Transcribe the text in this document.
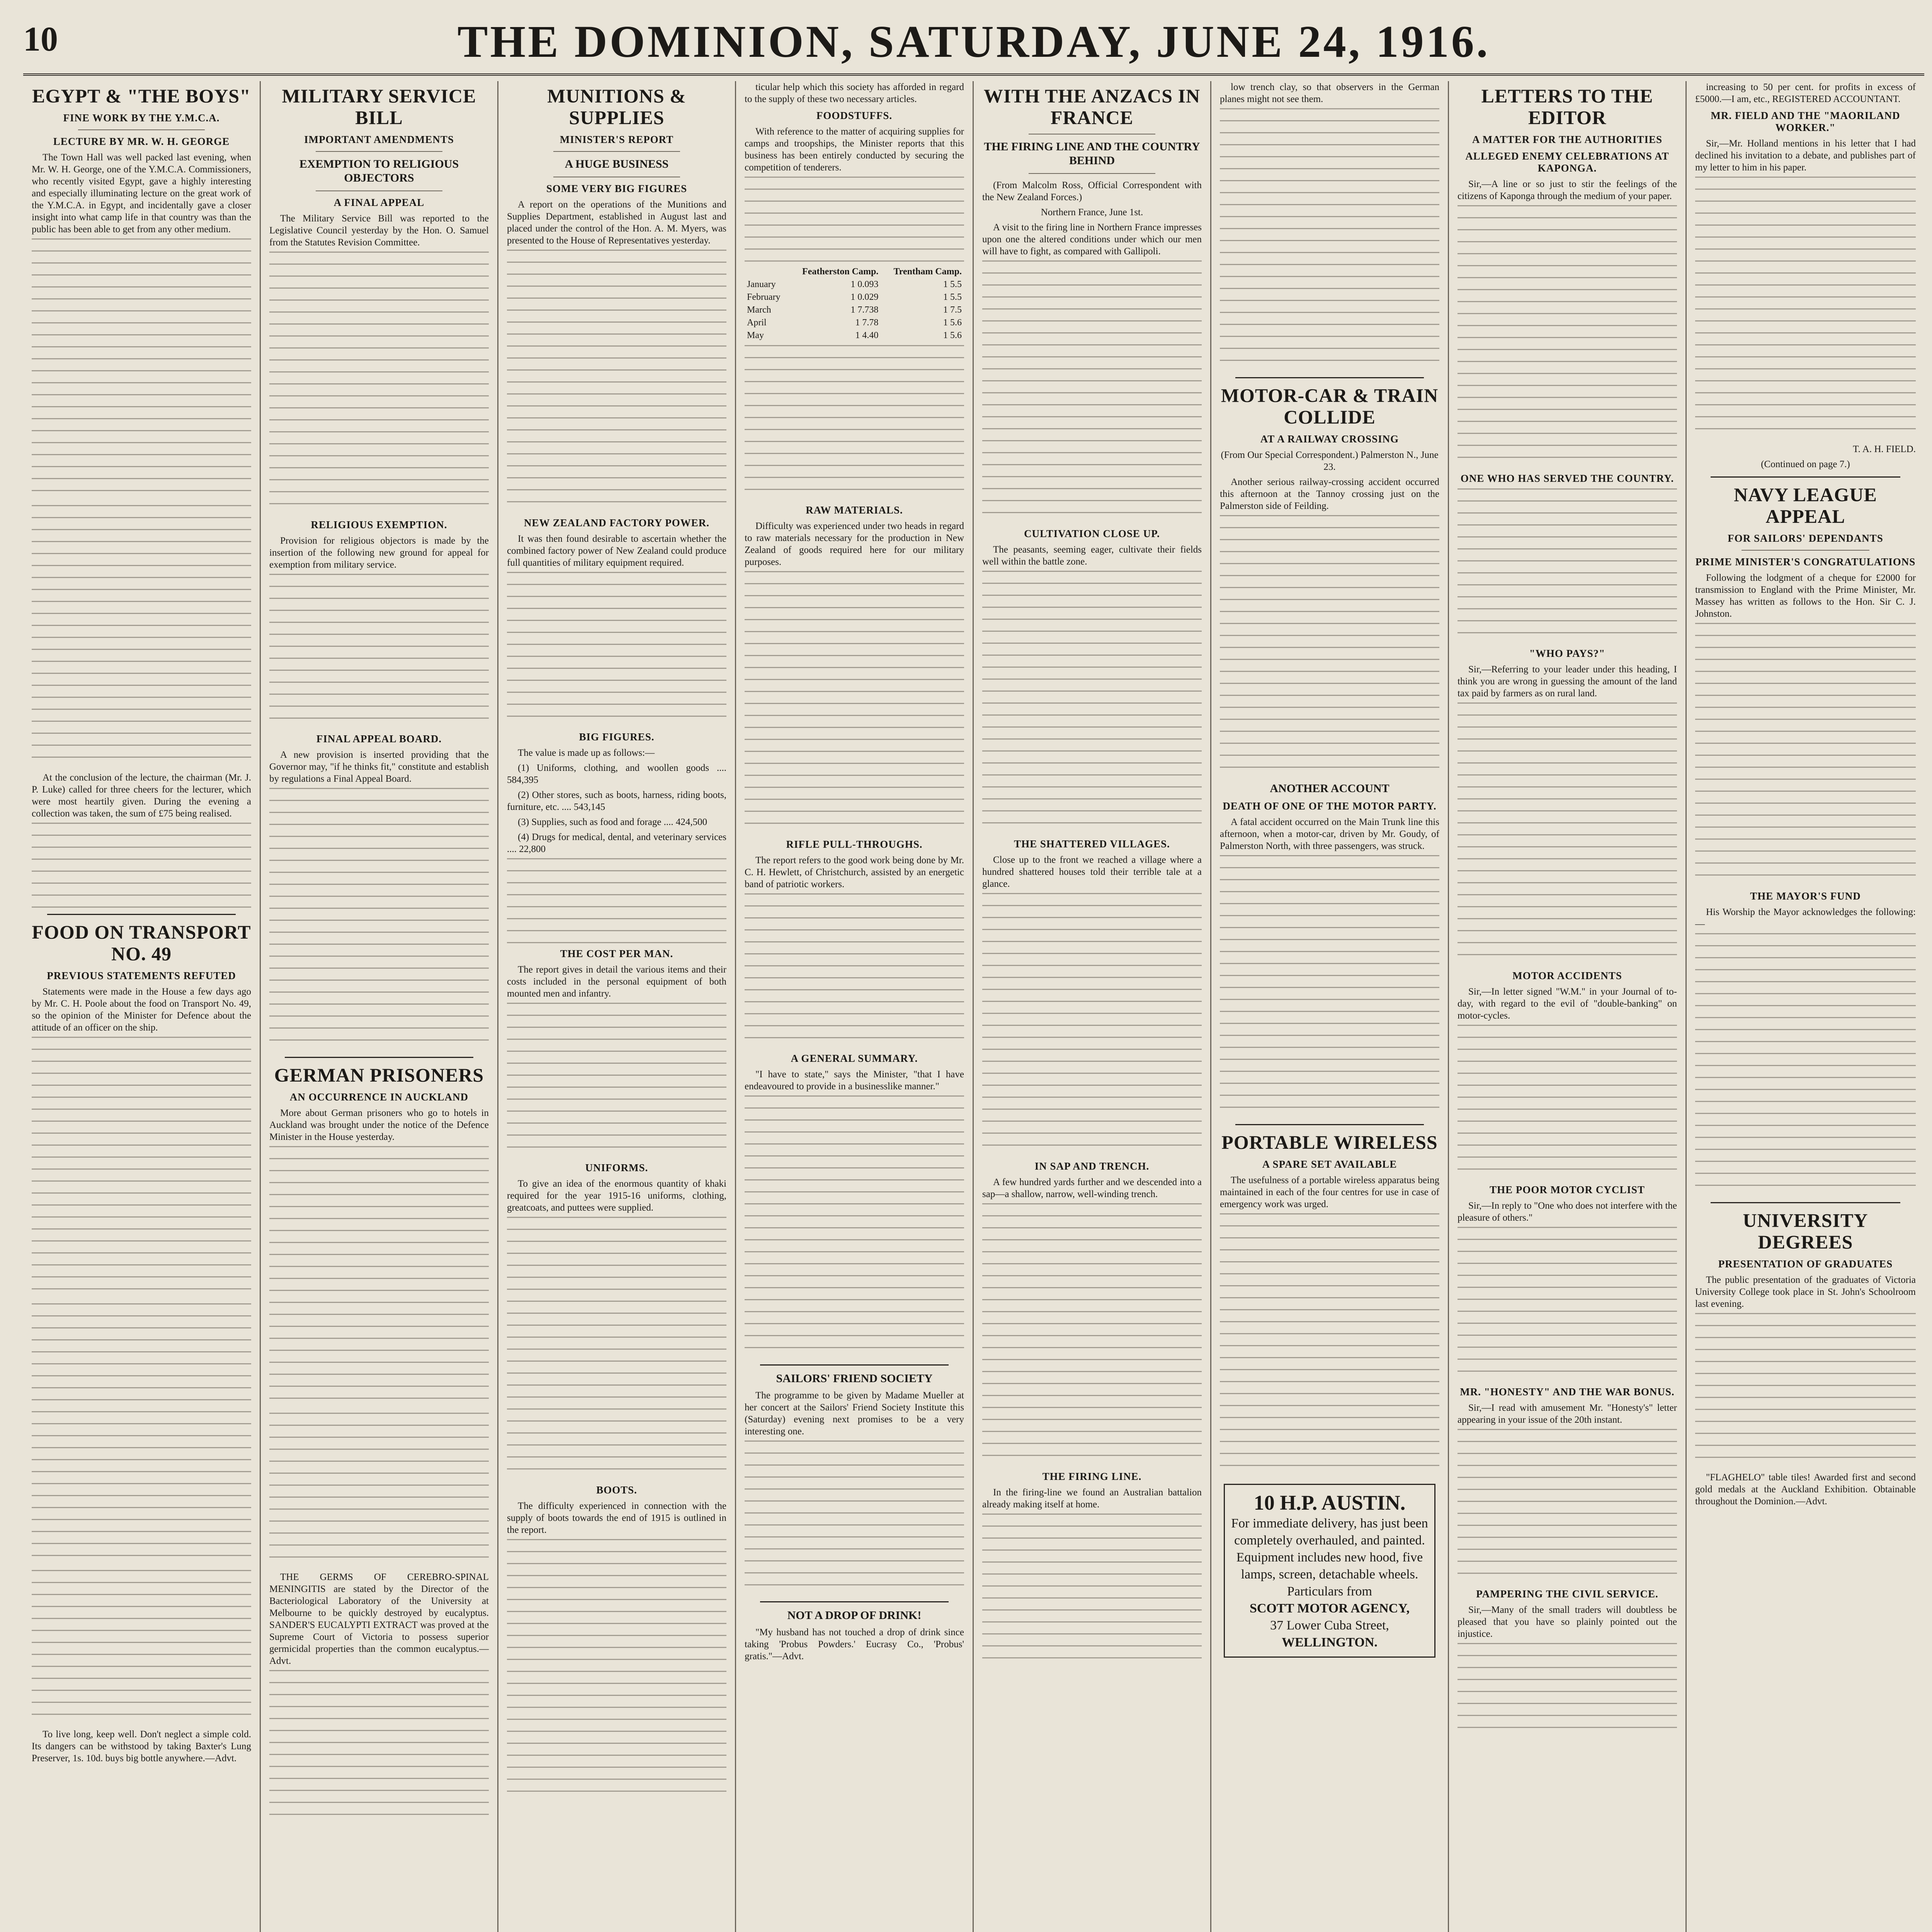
10	THE DOMINION, SATURDAY, JUNE 24, 1916.
EGYPT & "THE BOYS"
FINE WORK BY THE Y.M.C.A.
LECTURE BY MR. W. H. GEORGE

The Town Hall was well packed last evening, when Mr. W. H. George, one of the Y.M.C.A. Commissioners, who recently visited Egypt, gave a highly interesting and especially illuminating lecture on the great work of the Y.M.C.A. in Egypt, and incidentally gave a closer insight into what camp life in that country was than the public has been able to get from any other medium.

At the conclusion of the lecture, the chairman (Mr. J. P. Luke) called for three cheers for the lecturer, which were most heartily given. During the evening a collection was taken, the sum of £75 being realised.

FOOD ON TRANSPORT NO. 49
PREVIOUS STATEMENTS REFUTED

Statements were made in the House a few days ago by Mr. C. H. Poole about the food on Transport No. 49, so the opinion of the Minister for Defence about the attitude of an officer on the ship.

To live long, keep well. Don't neglect a simple cold. Its dangers can be withstood by taking Baxter's Lung Preserver, 1s. 10d. buys big bottle anywhere.—Advt.

MILITARY SERVICE BILL
IMPORTANT AMENDMENTS
EXEMPTION TO RELIGIOUS OBJECTORS
A FINAL APPEAL

The Military Service Bill was reported to the Legislative Council yesterday by the Hon. O. Samuel from the Statutes Revision Committee.

RELIGIOUS EXEMPTION.

Provision for religious objectors is made by the insertion of the following new ground for appeal for exemption from military service.

FINAL APPEAL BOARD.

A new provision is inserted providing that the Governor may, "if he thinks fit," constitute and establish by regulations a Final Appeal Board.

GERMAN PRISONERS
AN OCCURRENCE IN AUCKLAND

More about German prisoners who go to hotels in Auckland was brought under the notice of the Defence Minister in the House yesterday.

THE GERMS OF CEREBRO-SPINAL MENINGITIS are stated by the Director of the Bacteriological Laboratory of the University at Melbourne to be quickly destroyed by eucalyptus. SANDER'S EUCALYPTI EXTRACT was proved at the Supreme Court of Victoria to possess superior germicidal properties than the common eucalyptus.—Advt.

MUNITIONS & SUPPLIES
MINISTER'S REPORT
A HUGE BUSINESS
SOME VERY BIG FIGURES

A report on the operations of the Munitions and Supplies Department, established in August last and placed under the control of the Hon. A. M. Myers, was presented to the House of Representatives yesterday.

NEW ZEALAND FACTORY POWER.

It was then found desirable to ascertain whether the combined factory power of New Zealand could produce full quantities of military equipment required.

BIG FIGURES.

The value is made up as follows:—

(1) Uniforms, clothing, and woollen goods .... 584,395

(2) Other stores, such as boots, harness, riding boots, furniture, etc. .... 543,145

(3) Supplies, such as food and forage .... 424,500

(4) Drugs for medical, dental, and veterinary services .... 22,800

THE COST PER MAN.

The report gives in detail the various items and their costs included in the personal equipment of both mounted men and infantry.

UNIFORMS.

To give an idea of the enormous quantity of khaki required for the year 1915-16 uniforms, clothing, greatcoats, and puttees were supplied.

BOOTS.

The difficulty experienced in connection with the supply of boots towards the end of 1915 is outlined in the report.

ticular help which this society has afforded in regard to the supply of these two necessary articles.

FOODSTUFFS.

With reference to the matter of acquiring supplies for camps and troopships, the Minister reports that this business has been entirely conducted by securing the competition of tenderers.

	Featherston Camp.	Trentham Camp.
January	1 0.093	1 5.5
February	1 0.029	1 5.5
March	1 7.738	1 7.5
April	1 7.78	1 5.6
May	1 4.40	1 5.6
RAW MATERIALS.

Difficulty was experienced under two heads in regard to raw materials necessary for the production in New Zealand of goods required here for our military purposes.

RIFLE PULL-THROUGHS.

The report refers to the good work being done by Mr. C. H. Hewlett, of Christchurch, assisted by an energetic band of patriotic workers.

A GENERAL SUMMARY.

"I have to state," says the Minister, "that I have endeavoured to provide in a businesslike manner."

SAILORS' FRIEND SOCIETY

The programme to be given by Madame Mueller at her concert at the Sailors' Friend Society Institute this (Saturday) evening next promises to be a very interesting one.

NOT A DROP OF DRINK!

"My husband has not touched a drop of drink since taking 'Probus Powders.' Eucrasy Co., 'Probus' gratis."—Advt.

WITH THE ANZACS IN FRANCE
THE FIRING LINE AND THE COUNTRY BEHIND

(From Malcolm Ross, Official Correspondent with the New Zealand Forces.)

Northern France, June 1st.

A visit to the firing line in Northern France impresses upon one the altered conditions under which our men will have to fight, as compared with Gallipoli.

CULTIVATION CLOSE UP.

The peasants, seeming eager, cultivate their fields well within the battle zone.

THE SHATTERED VILLAGES.

Close up to the front we reached a village where a hundred shattered houses told their terrible tale at a glance.

IN SAP AND TRENCH.

A few hundred yards further and we descended into a sap—a shallow, narrow, well-winding trench.

THE FIRING LINE.

In the firing-line we found an Australian battalion already making itself at home.

low trench clay, so that observers in the German planes might not see them.

MOTOR-CAR & TRAIN COLLIDE
AT A RAILWAY CROSSING

(From Our Special Correspondent.) Palmerston N., June 23.

Another serious railway-crossing accident occurred this afternoon at the Tannoy crossing just on the Palmerston side of Feilding.

ANOTHER ACCOUNT
DEATH OF ONE OF THE MOTOR PARTY.

A fatal accident occurred on the Main Trunk line this afternoon, when a motor-car, driven by Mr. Goudy, of Palmerston North, with three passengers, was struck.

PORTABLE WIRELESS
A SPARE SET AVAILABLE

The usefulness of a portable wireless apparatus being maintained in each of the four centres for use in case of emergency work was urged.

10 H.P. AUSTIN.
For immediate delivery, has just been completely overhauled, and painted.
Equipment includes new hood, five lamps, screen, detachable wheels. Particulars from
SCOTT MOTOR AGENCY,
37 Lower Cuba Street,
WELLINGTON.
LETTERS TO THE EDITOR
A MATTER FOR THE AUTHORITIES
ALLEGED ENEMY CELEBRATIONS AT KAPONGA.

Sir,—A line or so just to stir the feelings of the citizens of Kaponga through the medium of your paper.

ONE WHO HAS SERVED THE COUNTRY.
"WHO PAYS?"

Sir,—Referring to your leader under this heading, I think you are wrong in guessing the amount of the land tax paid by farmers as on rural land.

MOTOR ACCIDENTS

Sir,—In letter signed "W.M." in your Journal of to-day, with regard to the evil of "double-banking" on motor-cycles.

THE POOR MOTOR CYCLIST

Sir,—In reply to "One who does not interfere with the pleasure of others."

MR. "HONESTY" AND THE WAR BONUS.

Sir,—I read with amusement Mr. "Honesty's" letter appearing in your issue of the 20th instant.

PAMPERING THE CIVIL SERVICE.

Sir,—Many of the small traders will doubtless be pleased that you have so plainly pointed out the injustice.

increasing to 50 per cent. for profits in excess of £5000.—I am, etc., REGISTERED ACCOUNTANT.

MR. FIELD AND THE "MAORILAND WORKER."

Sir,—Mr. Holland mentions in his letter that I had declined his invitation to a debate, and publishes part of my letter to him in his paper.

T. A. H. FIELD.

(Continued on page 7.)

NAVY LEAGUE APPEAL
FOR SAILORS' DEPENDANTS
PRIME MINISTER'S CONGRATULATIONS

Following the lodgment of a cheque for £2000 for transmission to England with the Prime Minister, Mr. Massey has written as follows to the Hon. Sir C. J. Johnston.

THE MAYOR'S FUND

His Worship the Mayor acknowledges the following:—

UNIVERSITY DEGREES
PRESENTATION OF GRADUATES

The public presentation of the graduates of Victoria University College took place in St. John's Schoolroom last evening.

"FLAGHELO" table tiles! Awarded first and second gold medals at the Auckland Exhibition. Obtainable throughout the Dominion.—Advt.
